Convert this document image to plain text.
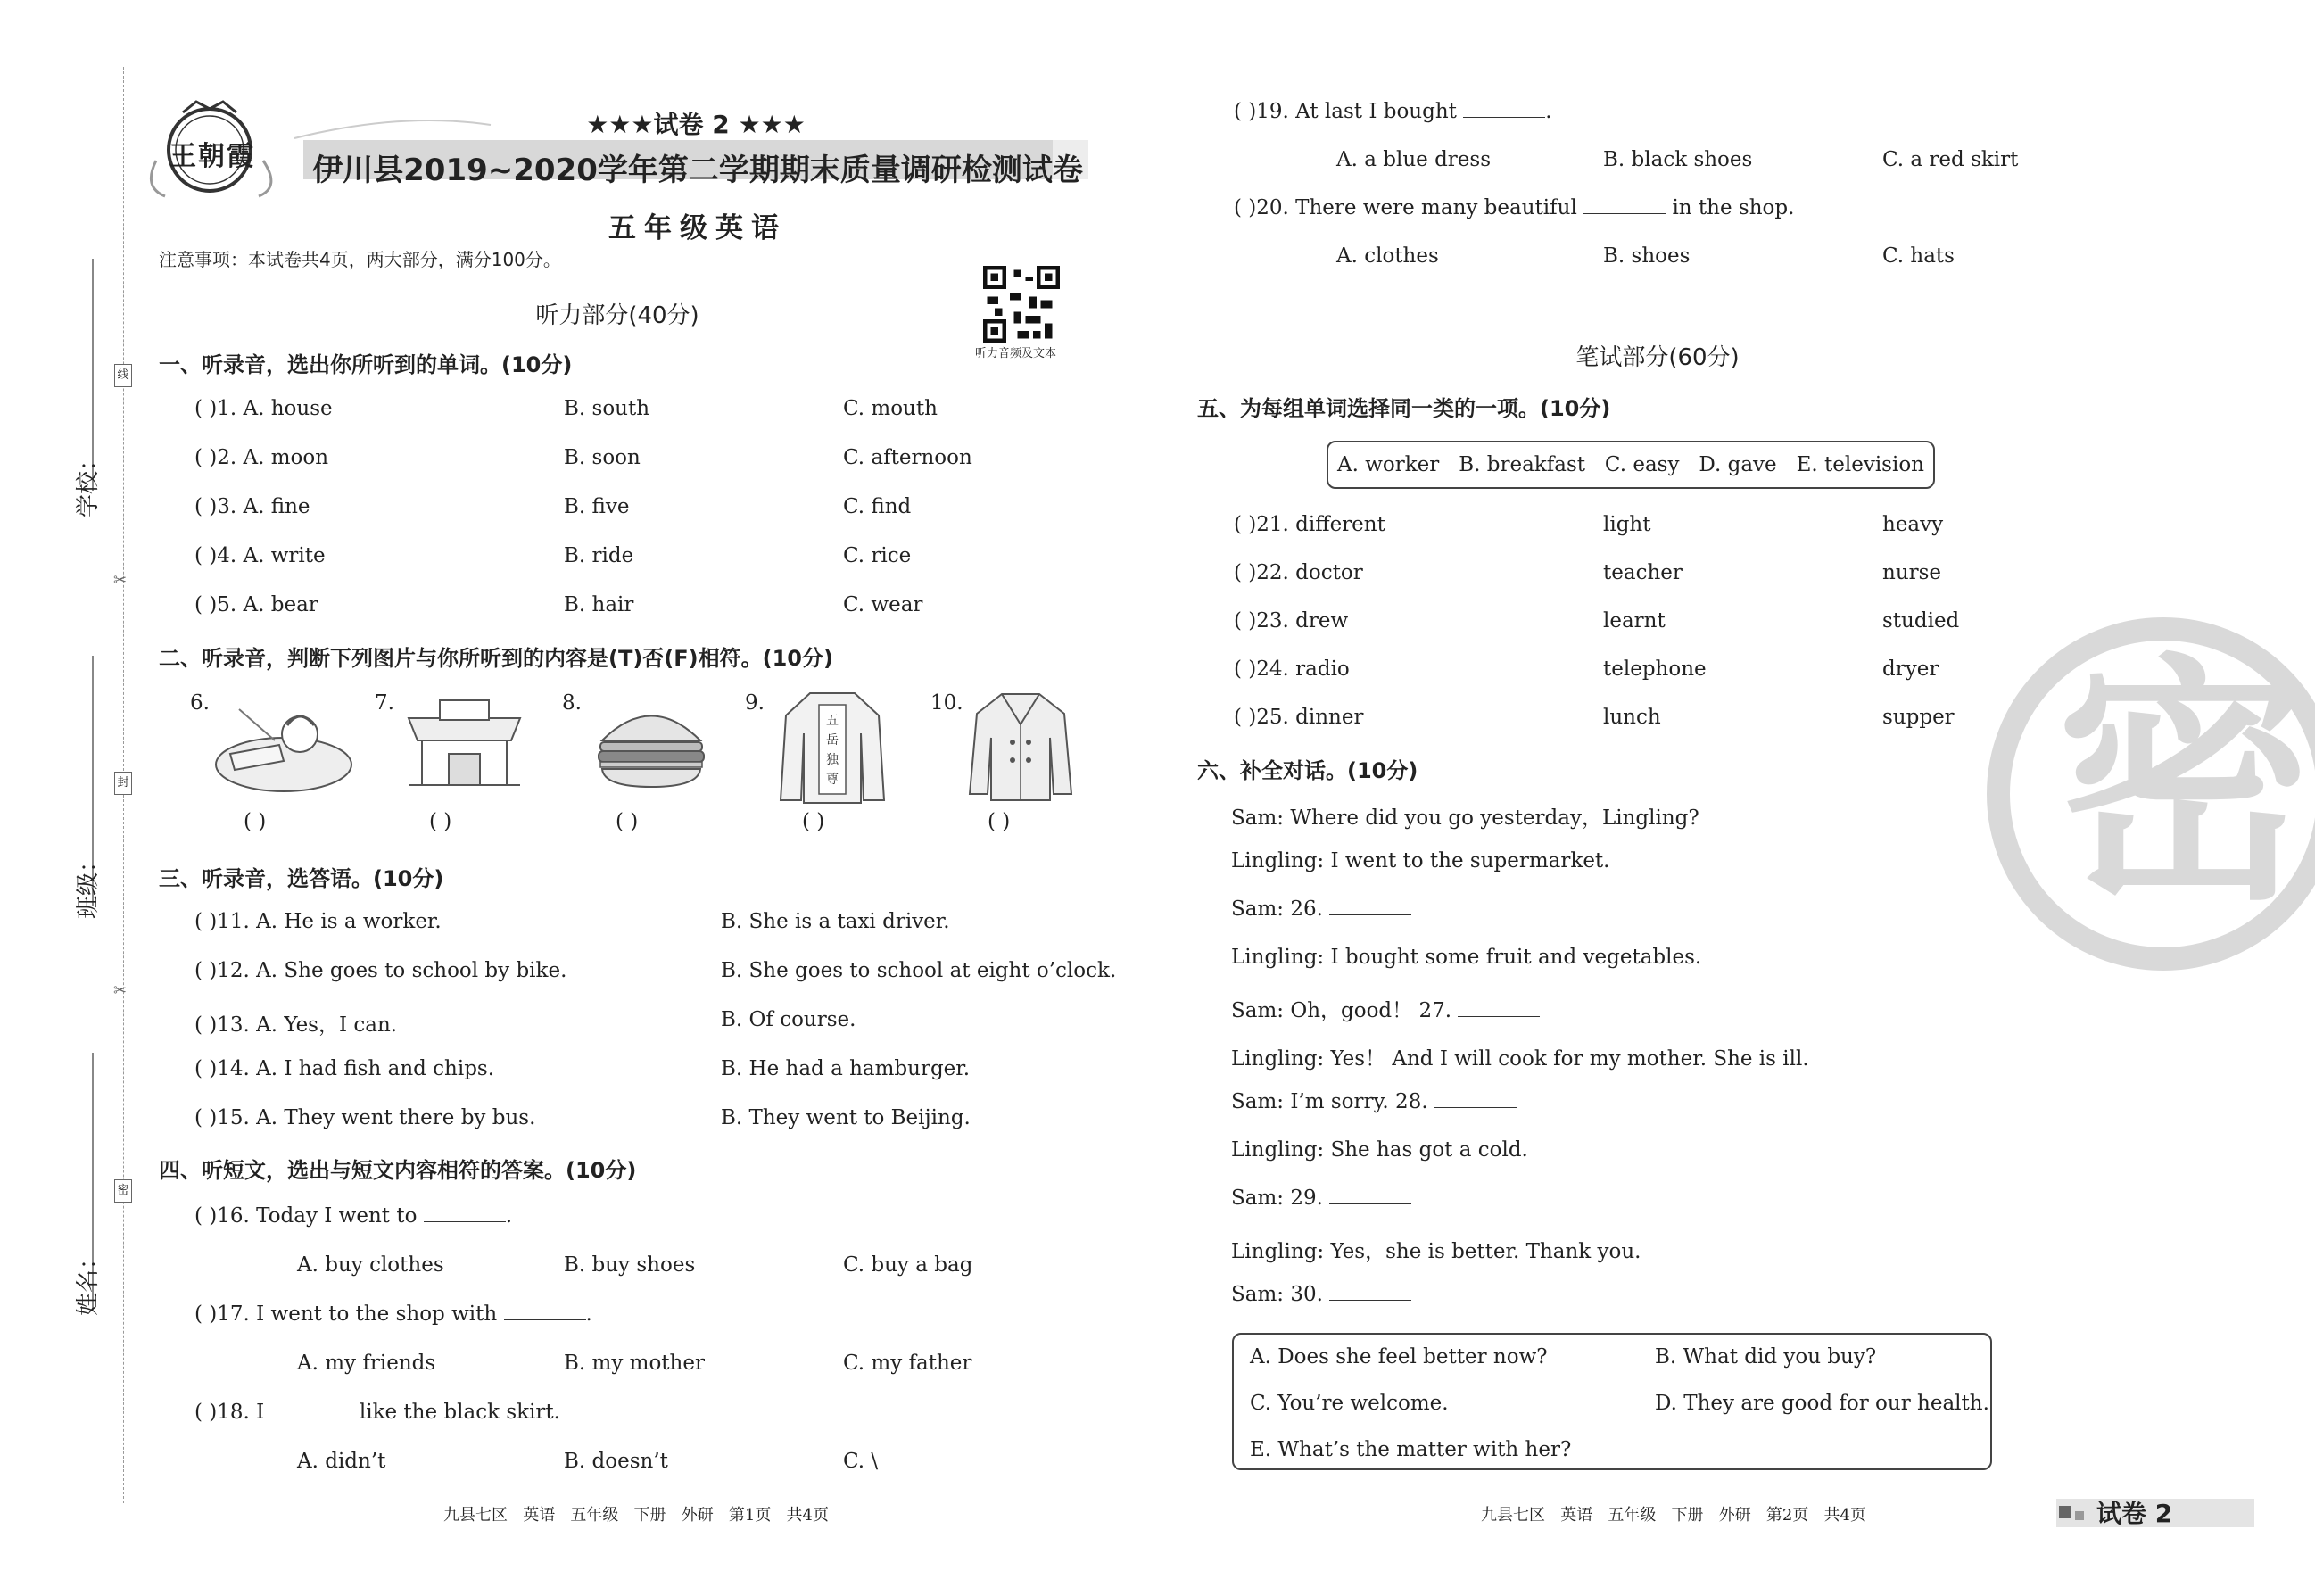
学校：
班级：
姓名：
线
封
密
✂
✂
王朝霞
★★★试卷 2 ★★★
伊川县2019~2020学年第二学期期末质量调研检测试卷
五年级英语
注意事项：本试卷共4页，两大部分，满分100分。
听力音频及文本
听力部分(40分)
一、听录音，选出你所听到的单词。(10分)
( )1. A. house	B. south	C. mouth
( )2. A. moon	B. soon	C. afternoon
( )3. A. fine	B. five	C. find
( )4. A. write	B. ride	C. rice
( )5. A. bear	B. hair	C. wear
二、听录音，判断下列图片与你所听到的内容是(T)否(F)相符。(10分)
6.
( )
7.
( )
8.
( )
9.
五
岳
独
尊
( )
10.
( )
三、听录音，选答语。(10分)
( )11. A. He is a worker.	B. She is a taxi driver.
( )12. A. She goes to school by bike.	B. She goes to school at eight o’clock.
( )13. A. Yes，I can.	B. Of course.
( )14. A. I had fish and chips.	B. He had a hamburger.
( )15. A. They went there by bus.	B. They went to Beijing.
四、听短文，选出与短文内容相符的答案。(10分)
( )16. Today I went to	.
A. buy clothes	B. buy shoes	C. buy a bag
( )17. I went to the shop with	.
A. my friends	B. my mother	C. my father
( )18. I	like the black skirt.
A. didn’t	B. doesn’t	C. \
( )19. At last I bought	.
A. a blue dress	B. black shoes	C. a red skirt
( )20. There were many beautiful	in the shop.
A. clothes	B. shoes	C. hats
笔试部分(60分)
五、为每组单词选择同一类的一项。(10分)
A. worker   B. breakfast   C. easy   D. gave   E. television
( )21. different	light	heavy
( )22. doctor	teacher	nurse
( )23. drew	learnt	studied
( )24. radio	telephone	dryer
( )25. dinner	lunch	supper
六、补全对话。(10分)
Sam: Where did you go yesterday，Lingling?
Lingling: I went to the supermarket.
Sam: 26.
Lingling: I bought some fruit and vegetables.
Sam: Oh，good！ 27.
Lingling: Yes！ And I will cook for my mother. She is ill.
Sam: I’m sorry. 28.
Lingling: She has got a cold.
Sam: 29.
Lingling: Yes，she is better. Thank you.
Sam: 30.
A. Does she feel better now?	B. What did you buy?
C. You’re welcome.	D. They are good for our health.
E. What’s the matter with her?
密
九县七区   英语   五年级   下册   外研   第1页   共4页	九县七区   英语   五年级   下册   外研   第2页   共4页	试卷 2
